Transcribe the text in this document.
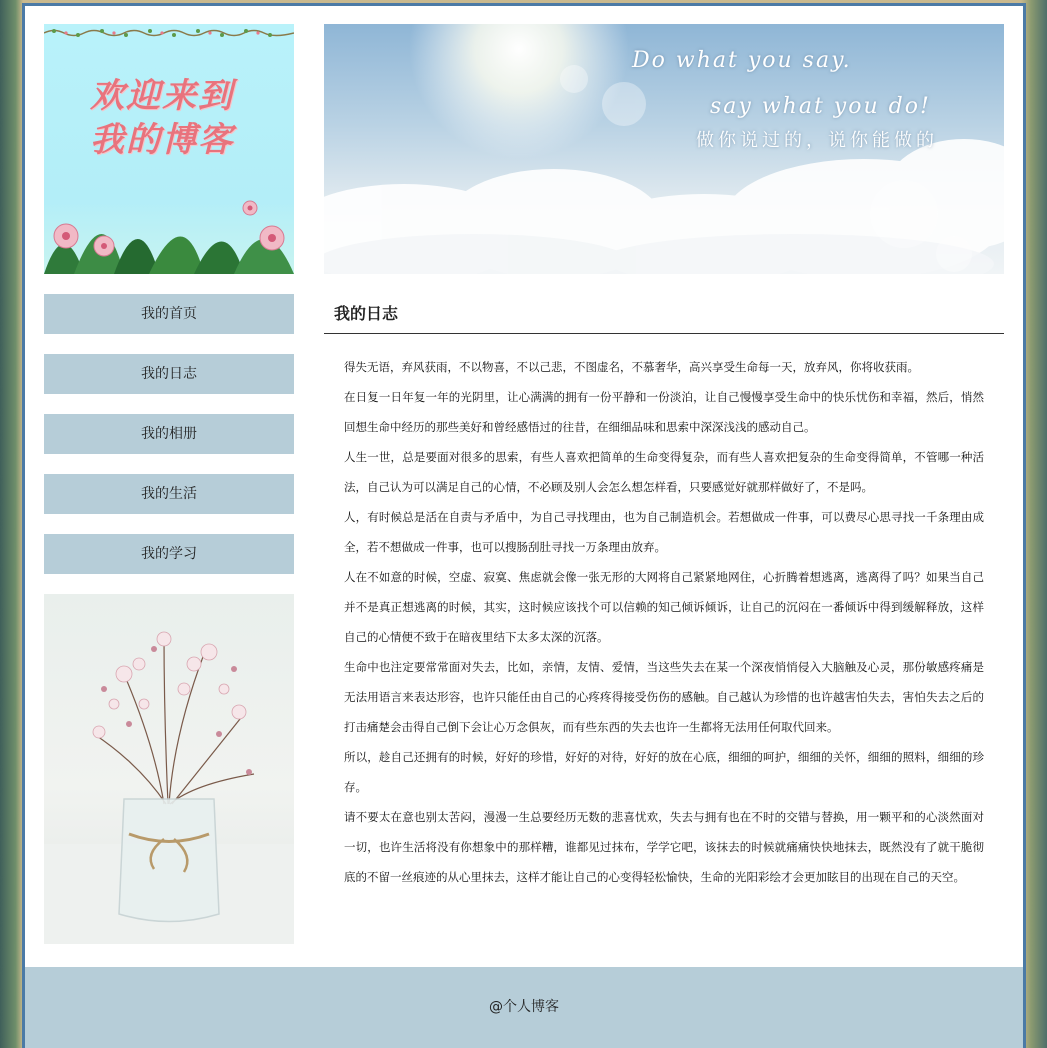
欢迎来到我的博客
我的首页
我的日志
我的相册
我的生活
我的学习
Do what you say.
say what you do!
做你说过的，说你能做的
我的日志

得失无语，弃风获雨，不以物喜，不以己悲，不图虚名，不慕奢华，高兴享受生命每一天，放弃风，你将收获雨。

在日复一日年复一年的光阴里，让心满满的拥有一份平静和一份淡泊，让自己慢慢享受生命中的快乐忧伤和幸福，然后，悄然回想生命中经历的那些美好和曾经感悟过的往昔，在细细品味和思索中深深浅浅的感动自己。

人生一世，总是要面对很多的思索，有些人喜欢把简单的生命变得复杂，而有些人喜欢把复杂的生命变得简单，不管哪一种活法，自己认为可以满足自己的心情，不必顾及别人会怎么想怎样看，只要感觉好就那样做好了，不是吗。

人，有时候总是活在自责与矛盾中，为自己寻找理由，也为自己制造机会。若想做成一件事，可以费尽心思寻找一千条理由成全，若不想做成一件事，也可以搜肠刮肚寻找一万条理由放弃。

人在不如意的时候，空虚、寂寞、焦虑就会像一张无形的大网将自己紧紧地网住，心折腾着想逃离，逃离得了吗？如果当自己并不是真正想逃离的时候，其实，这时候应该找个可以信赖的知己倾诉倾诉，让自己的沉闷在一番倾诉中得到缓解释放，这样自己的心情便不致于在暗夜里结下太多太深的沉落。

生命中也注定要常常面对失去，比如，亲情，友情、爱情，当这些失去在某一个深夜悄悄侵入大脑触及心灵，那份敏感疼痛是无法用语言来表达形容，也许只能任由自己的心疼疼得接受伤伤的感触。自己越认为珍惜的也许越害怕失去，害怕失去之后的打击痛楚会击得自己倒下会让心万念俱灰，而有些东西的失去也许一生都将无法用任何取代回来。

所以，趁自己还拥有的时候，好好的珍惜，好好的对待，好好的放在心底，细细的呵护，细细的关怀，细细的照料，细细的珍存。

请不要太在意也别太苦闷，漫漫一生总要经历无数的悲喜忧欢，失去与拥有也在不时的交错与替换，用一颗平和的心淡然面对一切，也许生活将没有你想象中的那样糟，谁都见过抹布，学学它吧，该抹去的时候就痛痛快快地抹去，既然没有了就干脆彻底的不留一丝痕迹的从心里抹去，这样才能让自己的心变得轻松愉快，生命的光阳彩绘才会更加眩目的出现在自己的天空。

@个人博客
